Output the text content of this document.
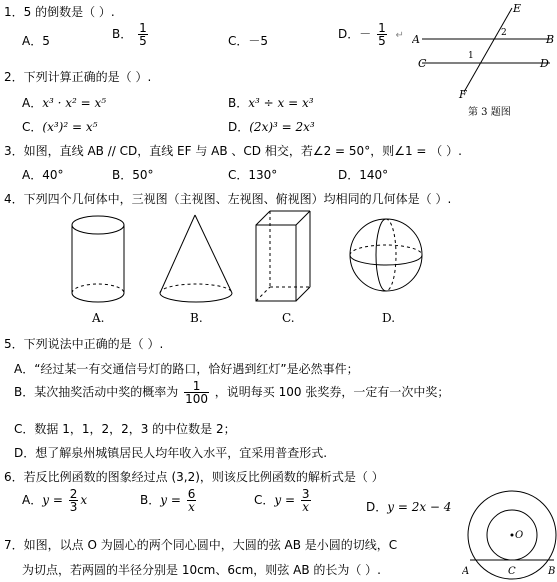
1．5 的倒数是（ ）.
A．5	B． $\frac{1}{5}$	C．－5	D．－ $\frac{1}{5}$ ↵
E
A	2	B
C
1
D
F
第 3 题图
2．下列计算正确的是（ ）.
A．x³ · x² = x⁵	B．x³ ÷ x = x³
C．(x³)² = x⁵	D．(2x)³ = 2x³
3．如图，直线 AB // CD，直线 EF 与 AB 、CD 相交，若∠2 = 50°，则∠1 = （ ）.
A．40°	B．50°	C．130°	D．140°
4．下列四个几何体中，三视图（主视图、左视图、俯视图）均相同的几何体是（ ）.
A.	B.	C.	D.
5．下列说法中正确的是（ ）.
A．“经过某一有交通信号灯的路口，恰好遇到红灯”是必然事件；
B．某次抽奖活动中奖的概率为 $\frac{1}{100}$ ，说明每买 100 张奖券，一定有一次中奖；
C．数据 1，1，2，2，3 的中位数是 2；
D．想了解泉州城镇居民人均年收入水平，宜采用普查形式.
6．若反比例函数的图象经过点 (3,2)，则该反比例函数的解析式是（ ）
A．$y = \frac{2}{3}$ x	B．$y = \frac{6}{x}$	C．$y = \frac{3}{x}$	D．y = 2x − 4
7．如图，以点 O 为圆心的两个同心圆中，大圆的弦 AB 是小圆的切线，C
为切点，若两圆的半径分别是 10cm、6cm，则弦 AB 的长为（ ）.
O
A	C	B
